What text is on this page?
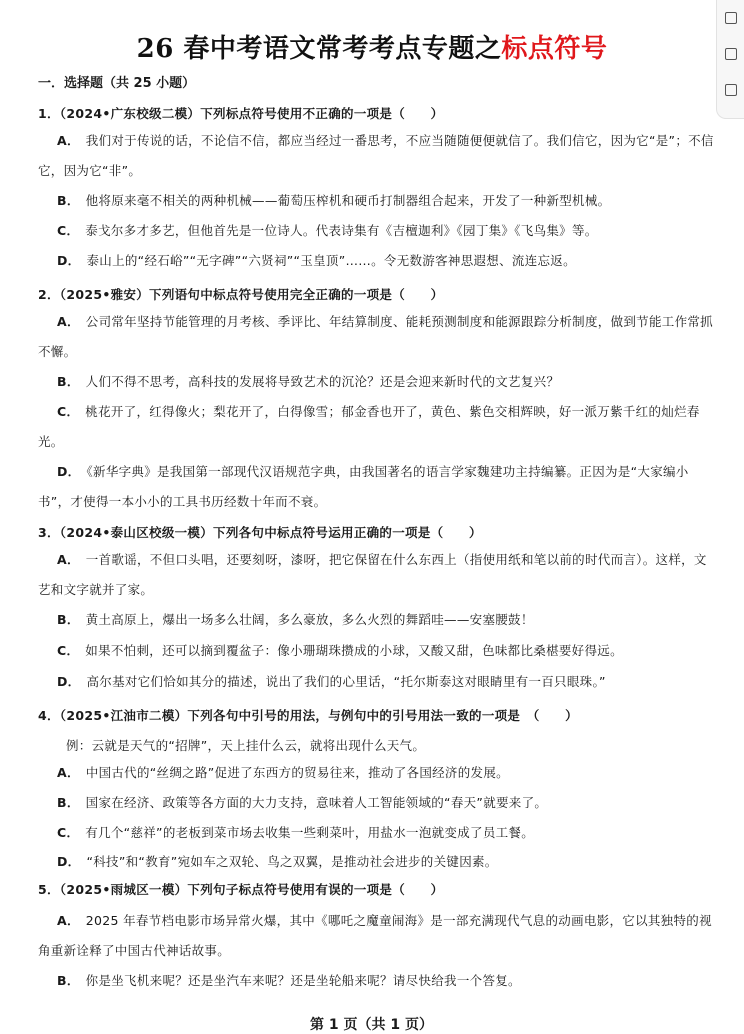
26 春中考语文常考考点专题之标点符号
一．选择题（共 25 小题）
1．（2024•广东校级二模）下列标点符号使用不正确的一项是（　　）
A． 我们对于传说的话，不论信不信，都应当经过一番思考，不应当随随便便就信了。我们信它，因为它“是”；不信它，因为它“非”。
B． 他将原来毫不相关的两种机械——葡萄压榨机和硬币打制器组合起来，开发了一种新型机械。
C． 泰戈尔多才多艺，但他首先是一位诗人。代表诗集有《吉檀迦利》《园丁集》《飞鸟集》等。
D． 泰山上的“经石峪”“无字碑”“六贤祠”“玉皇顶”……。令无数游客神思遐想、流连忘返。
2．（2025•雅安）下列语句中标点符号使用完全正确的一项是（　　）
A． 公司常年坚持节能管理的月考核、季评比、年结算制度、能耗预测制度和能源跟踪分析制度，做到节能工作常抓不懈。
B． 人们不得不思考，高科技的发展将导致艺术的沉沦？还是会迎来新时代的文艺复兴？
C． 桃花开了，红得像火；梨花开了，白得像雪；郁金香也开了，黄色、紫色交相辉映，好一派万紫千红的灿烂春光。
D． 《新华字典》是我国第一部现代汉语规范字典，由我国著名的语言学家魏建功主持编纂。正因为是“大家编小书”，才使得一本小小的工具书历经数十年而不衰。
3．（2024•泰山区校级一模）下列各句中标点符号运用正确的一项是（　　）
A． 一首歌谣，不但口头唱，还要刻呀，漆呀，把它保留在什么东西上（指使用纸和笔以前的时代而言）。这样，文艺和文字就并了家。
B． 黄土高原上，爆出一场多么壮阔，多么豪放，多么火烈的舞蹈哇——安塞腰鼓！
C． 如果不怕刺，还可以摘到覆盆子：像小珊瑚珠攒成的小球，又酸又甜，色味都比桑椹要好得远。
D． 高尔基对它们恰如其分的描述，说出了我们的心里话，“托尔斯泰这对眼睛里有一百只眼珠。”
4．（2025•江油市二模）下列各句中引号的用法，与例句中的引号用法一致的一项是　（　　）
例：云就是天气的“招牌”，天上挂什么云，就将出现什么天气。
A． 中国古代的“丝绸之路”促进了东西方的贸易往来，推动了各国经济的发展。
B． 国家在经济、政策等各方面的大力支持，意味着人工智能领域的“春天”就要来了。
C． 有几个“慈祥”的老板到菜市场去收集一些剩菜叶，用盐水一泡就变成了员工餐。
D． “科技”和“教育”宛如车之双轮、鸟之双翼，是推动社会进步的关键因素。
5．（2025•雨城区一模）下列句子标点符号使用有误的一项是（　　）
A． 2025 年春节档电影市场异常火爆，其中《哪吒之魔童闹海》是一部充满现代气息的动画电影，它以其独特的视角重新诠释了中国古代神话故事。
B． 你是坐飞机来呢？还是坐汽车来呢？还是坐轮船来呢？请尽快给我一个答复。
第 1 页（共 1 页）
